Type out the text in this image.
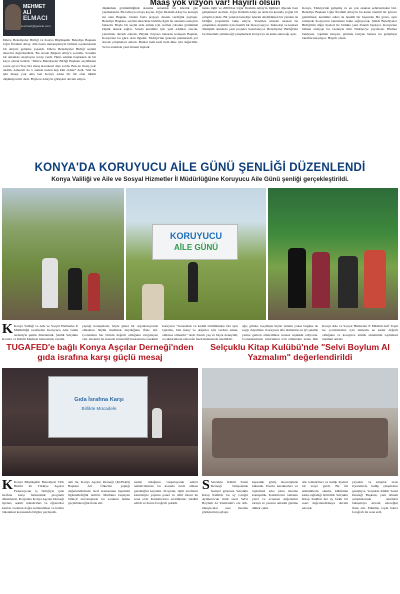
Maaş yok vizyon var! Hayırlı olsun
MEHMET ALİ
ELMACI
a.elmaci@gazete.com
Düzce Belediyeler Birliği ve Konya Büyükşehir Belediye Başkanı Uğur İbrahim Altay, dün basın mensuplarıyla birlikte toplantısında bir sürpriz gelişme yaşandı. Düzce Belediyeler Birliği seçimi sürecini değerlendirdi. Bu sırada Başkan Altay'a soruldu. Sorumu bir anlamda onaylayan cevap verdi. Hatta adımın başlarken de bir kayıt olarak belirtti. "Düzce Belediyeler Birliği Başkanı seçildikten sonra ayrıca 'Kaç lira maaş alacaksın' diye sordu. Ben de 'maaş yok' dedim. Amacım da 'o zaman neden hep kim olduu?' dedi. 'Sizi bu işin maaşı yok ama ben Konya adına bir ilk olan ilkimi düşünüyorum' dedi. Böylece Altay'ın görüşleri devam ediyor.
düşünmek görüntülüğünü sisteme anlamlık bir liderlik güç yapmaktadır. Bu tabloyu ortaya koyan, Uğur İbrahim Altay bu konuyu ele alan Başkan, birden fazla projeye destek verdiğini paylaştı. Belediye Başkanı, seçimi sürecinde bizimle ilgili bu alandan sonuçları bahsetti. Böyle bir seçim elde etmek için verilen çabanın görüntüsü büyük destek sağlar. Sırada kentimiz için yeni adımlar olacak, yatırımlar devam edecek. Büyük vizyona bakarak konuşan Başkan, Konya'nın bu güce olan ilgisini, Türkiye'nin gelecek planlarında yer alacak çalışmaları anlattı. Bunlar hem kent hem ülke için değerlidir. Ve bu anlamda yeni dönem başladı.
hakkı ilgili ve 2009'dan Uğur İbrahim Altay'ın ilgilileri diyerek bazı gelişmeleri sıraladı. Uğur İbrahim Altay şu anda bu konuda yoğun bir çalışma içinde. Bir yandan belediye işlerini sürdürürken bir yandan da birliğin projelerini takip ediyor. Yerelden ulusala uzanan bu çalışmalar, hepimiz için önemli bir mesaj taşıyor. Teknoloji ve kentsel dönüşüm alanında yeni projeler hazırlanıyor. Belediyeler Birliği'nin bu dönemde yürüteceği çalışmaların Konya'ya da katkı sunacağı açık.
Konya, Türkiye'nin gelişmiş ve en çok okunan şehirlerinden biri. Belediye Başkanı Uğur İbrahim Altay'ın bu kadar önemli bir göreve getirilmesi, kentimiz adına da önemli bir başarıdır. Bu görev, aynı zamanda Konya'nın tanıtımına katkı sağlayacak. Şimdi Belediyeler Birliği'nin diğer üyeleri ile birlikte yeni dönem başlıyor. Konya'nın hizmet anlayışı bu vesileyle tüm Türkiye'ye yayılacak. Hizmet bekleyen, yapmak isteyen, görmek isteyen herkes bu gelişmeyi takdirle karşılıyor. Hayırlı olsun.
KONYA'DA KORUYUCU AİLE GÜNÜ ŞENLİĞİ DÜZENLENDİ
Konya Valiliği ve Aile ve Sosyal Hizmetler İl Müdürlüğüne Koruyucu Aile Günü şenliği gerçekleştirildi.
KORUYUCU
AİLE GÜNÜ
K Konya Valiliği ve Aile ve Sosyal Hizmetler İl Müdürlüğü tarafından Koruyucu Aile Günü nedeniyle şenlik düzenlendi. Şenlik Selçuklu Kongre ve Kültür Merkezi bahçesinde yapıldı.
yaptığı konuşmada, böyle güzel bir organizasyonda olmaktan büyük mutluluk duyduğunu ifade etti. Çocukların her birinin değerli olduğunu vurgulayan vali, ailelerin bu konuda gösterdiği hassasiyete teşekkür
koruyucu "Sonsuzluk ve kadim bölümünden biri aynı toplama, bizi inanç ve değerler için verilen emek, olmazsa olmazdır" dedi. Sınırlı yaş ve hayat deneyimi, çocuklarımızın geleceğe hazırlanmasında önemlidir.
ağır, gibiler. Geçmişin hiçbir anlamı yoksa bugüne de saygı duyulmaz. Koruyucu aile hizmetini en iyi şekilde yerine getiren ailelerimize sonsuz teşekkür ediyoruz. Çocuklarımızın gelecekleri için elimizden gelen tüm
Konya Aile ve Sosyal Hizmetler İl Müdürü Arif Topal ise çocuklarımız için ailelerin ne kadar değerli olduğunu ve koruyucu ailelik sisteminin toplumsal önemini anlattı.
TUGAFED'e bağlı Konya Aşçılar Derneği'nden gıda israfına karşı güçlü mesaj
Gıda İsrafına Karşı
Birlikte Mücadele
K Konya Büyükşehir Belediyesi STK Birimi ile Türkiye Aşçılar Federasyonu iş birliğiyle gıda israfına karşı farkındalık programı düzenlendi. Programa Konya Aşçılar Derneği üyeleri, sektör temsilcileri ve öğrenciler katıldı. Gıdanın doğru kullanılması ve israfın önlenmesi konusunda bilgiler paylaşıldı.
dalı ile, Konya Aşçılar Derneği (KONAD) Başkanı Ali Ülke'nin yaptığı değerlendirmede israf konusunun hepimizi ilgilendirdiğini belirtti. Mutfakta başlayan bilinçli davranışlarla bu sorunun önüne geçilebileceğini ifade etti.
neden olduğunu vurgulayarak sektör temsilcilerinin bu konuda öncü olması gerektiğini kaydetti. Program, ilgili tarafların katılımıyla yapılan panel ve ödül töreni ile sona erdi. Katılımcılara sertifikaları takdim edildi ve hatıra fotoğrafı çekildi.
Selçuklu Kitap Kulübü'nde "Selvi Boylum Al Yazmalım" değerlendirildi
S Selçuklu Kültür Sanat Derneği bünyesinde faaliyet gösteren Selçuklu Kitap Kulübü, bu ay Cengiz Aytmatov'un ünlü eseri Selvi Boylum Al Yazmalım'ı ele aldı. Okuyucular eser üzerine görüşlerini paylaştı.
kapsamlı görüş alışverişinde bulundu. Eserin karakterleri ve toplumsal arka planı üzerine konuşuldu. Katılımcılar romanın yerel ve evrensel değerlerini tartıştı ve yazarın anlatım gücüne dikkat çekti.
aile temsilcileri ve kulüp üyeleri bir araya geldi. Bu tür etkinliklerin okuma kültürüne katkı sağladığı belirtildi. Selçuklu Kitap Kulübü her ay farklı bir eseri değerlendirmeye devam edecek.
yayınlar ve kitaplar arası ziyaretlerle kulüp çalışmaları genişliyor. Selçuklu Kültür Sanat Derneği Başkanı, yeni dönem çalışmalarının okurlarla buluşmaya devam edeceğini ifade etti. Etkinlik, toplu hatıra fotoğrafı ile sona erdi.
